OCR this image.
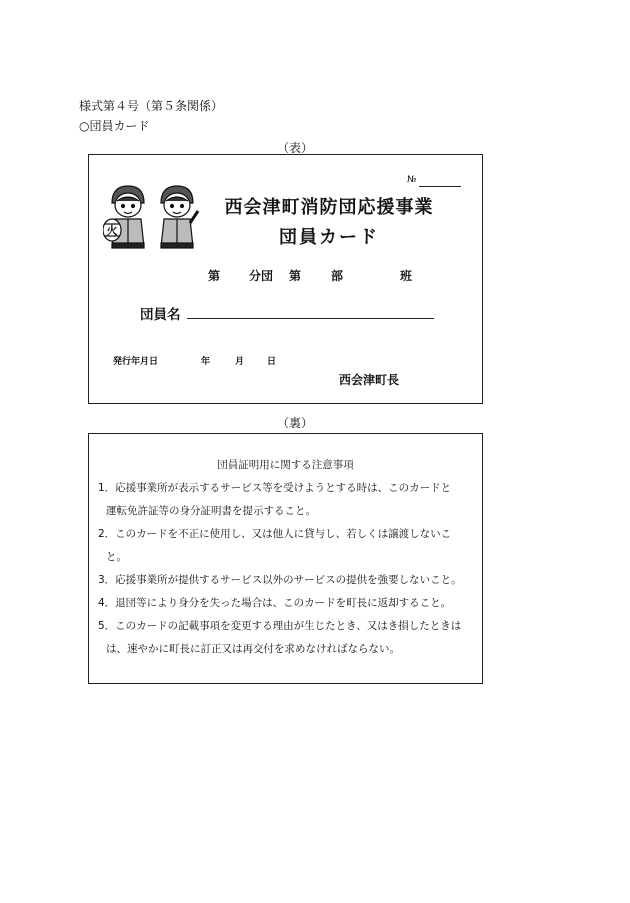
様式第４号（第５条関係）
○団員カード
（表）
№
火
西会津町消防団応援事業
団員カード
第 分団 第 部	班
団員名
発行年月日	年	月	日
西会津町長
（裏）
団員証明用に関する注意事項
1．応援事業所が表示するサービス等を受けようとする時は、このカードと
運転免許証等の身分証明書を提示すること。
2．このカードを不正に使用し、又は他人に貸与し、若しくは譲渡しないこ
と。
3．応援事業所が提供するサービス以外のサービスの提供を強要しないこと。
4．退団等により身分を失った場合は、このカードを町長に返却すること。
5．このカードの記載事項を変更する理由が生じたとき、又はき損したときは
は、速やかに町長に訂正又は再交付を求めなければならない。
